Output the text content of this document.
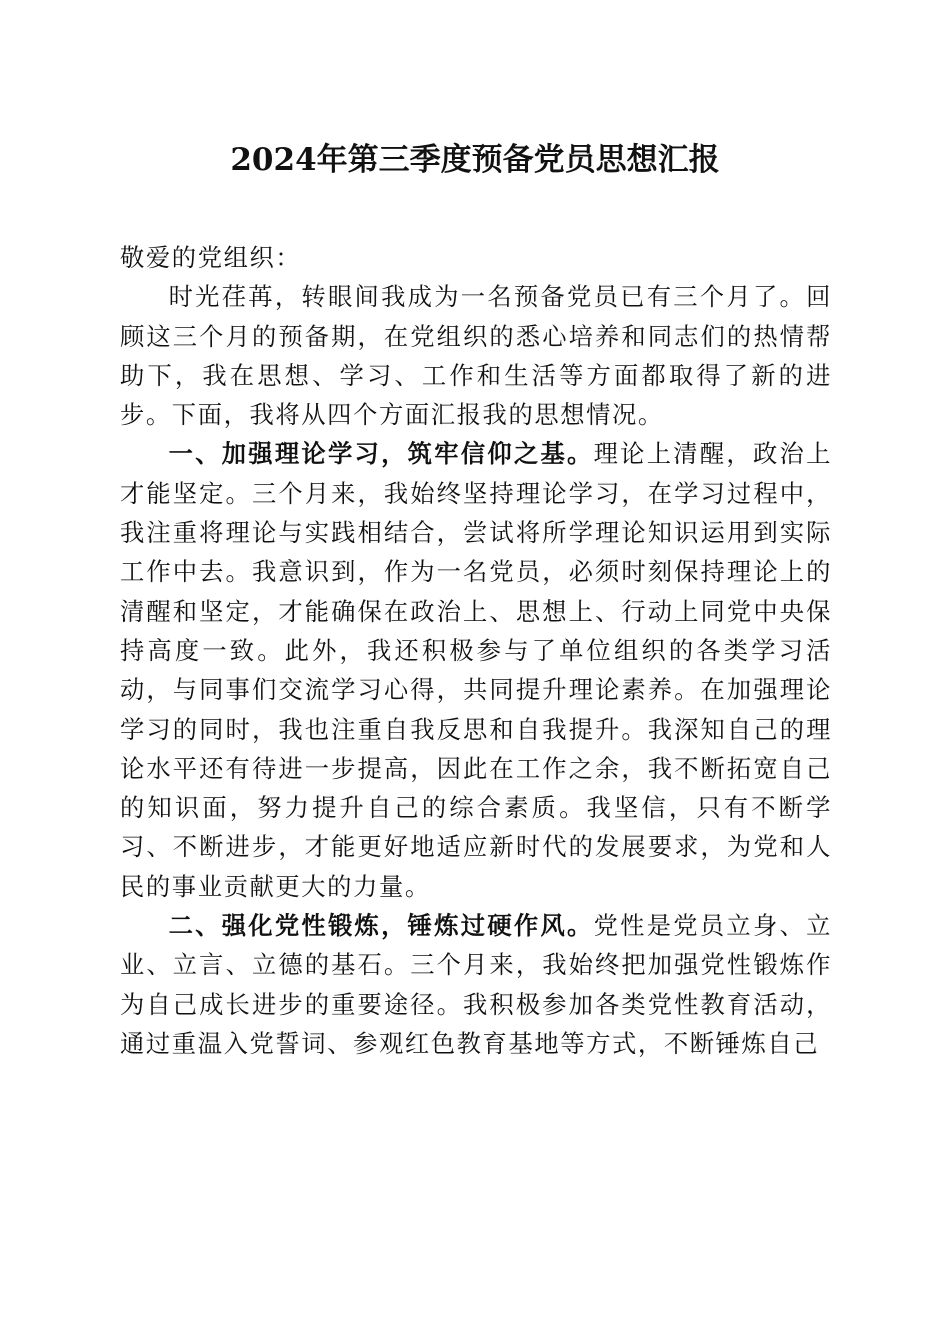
2024年第三季度预备党员思想汇报

敬爱的党组织：

时光荏苒，转眼间我成为一名预备党员已有三个月了。回顾这三个月的预备期，在党组织的悉心培养和同志们的热情帮助下，我在思想、学习、工作和生活等方面都取得了新的进步。下面，我将从四个方面汇报我的思想情况。

一、加强理论学习，筑牢信仰之基。理论上清醒，政治上才能坚定。三个月来，我始终坚持理论学习，在学习过程中，我注重将理论与实践相结合，尝试将所学理论知识运用到实际工作中去。我意识到，作为一名党员，必须时刻保持理论上的清醒和坚定，才能确保在政治上、思想上、行动上同党中央保持高度一致。此外，我还积极参与了单位组织的各类学习活动，与同事们交流学习心得，共同提升理论素养。在加强理论学习的同时，我也注重自我反思和自我提升。我深知自己的理论水平还有待进一步提高，因此在工作之余，我不断拓宽自己的知识面，努力提升自己的综合素质。我坚信，只有不断学习、不断进步，才能更好地适应新时代的发展要求，为党和人民的事业贡献更大的力量。

二、强化党性锻炼，锤炼过硬作风。党性是党员立身、立业、立言、立德的基石。三个月来，我始终把加强党性锻炼作为自己成长进步的重要途径。我积极参加各类党性教育活动，通过重温入党誓词、参观红色教育基地等方式，不断锤炼自己
